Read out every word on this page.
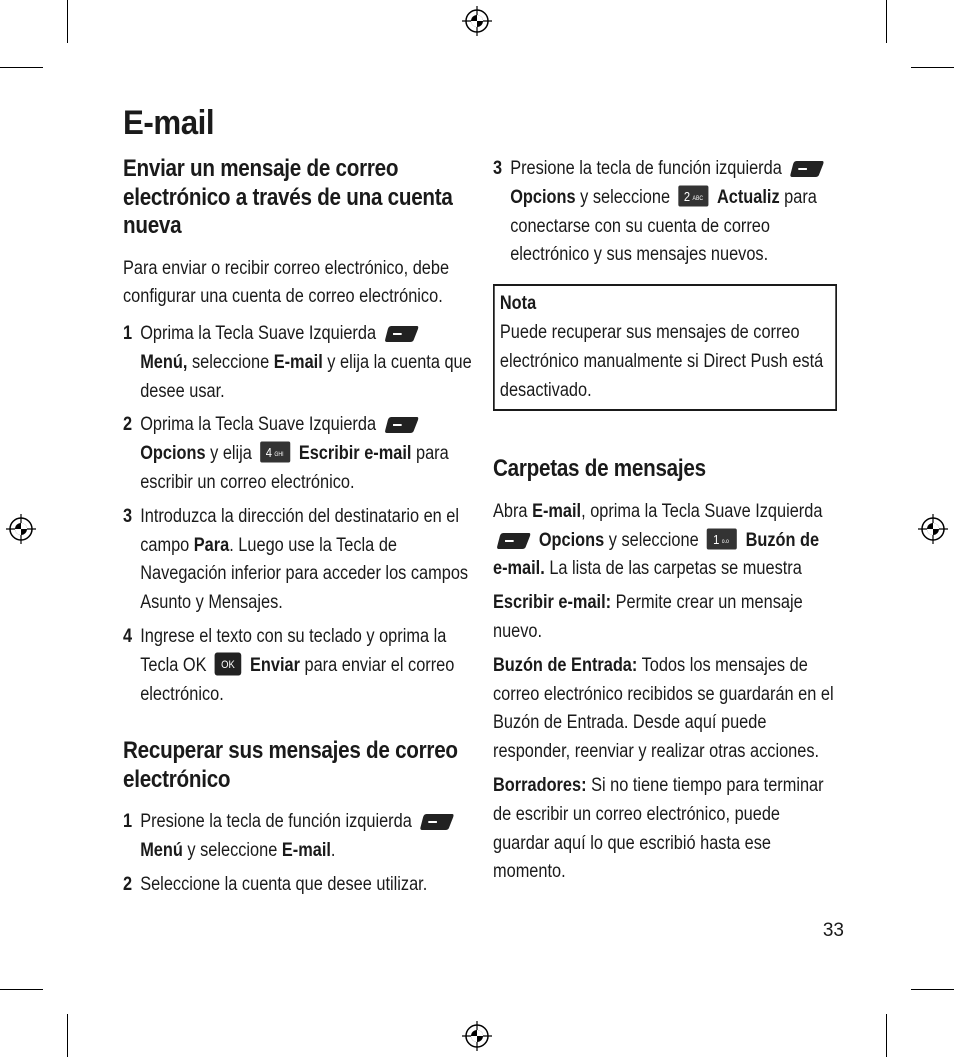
E-mail
Enviar un mensaje de correo electrónico a través de una cuenta nueva

Para enviar o recibir correo electrónico, debe configurar una cuenta de correo electrónico.

1 Oprima la Tecla Suave Izquierda  Menú, seleccione E-mail y elija la cuenta que desee usar.
2 Oprima la Tecla Suave Izquierda  Opcions y elija 4 GHI Escribir e-mail para escribir un correo electrónico.
3 Introduzca la dirección del destinatario en el campo Para. Luego use la Tecla de Navegación inferior para acceder los campos Asunto y Mensajes.
4 Ingrese el texto con su teclado y oprima la Tecla OK OK Enviar para enviar el correo electrónico.
Recuperar sus mensajes de correo electrónico
1 Presione la tecla de función izquierda  Menú y seleccione E-mail.
2 Seleccione la cuenta que desee utilizar.
3 Presione la tecla de función izquierda  Opcions y seleccione 2 ABC Actualiz para conectarse con su cuenta de correo electrónico y sus mensajes nuevos.
Nota
Puede recuperar sus mensajes de correo electrónico manualmente si Direct Push está desactivado.
Carpetas de mensajes

Abra E-mail, oprima la Tecla Suave Izquierda  Opcions y seleccione 1 o.o Buzón de e-mail. La lista de las carpetas se muestra

Escribir e-mail: Permite crear un mensaje nuevo.

Buzón de Entrada: Todos los mensajes de correo electrónico recibidos se guardarán en el Buzón de Entrada. Desde aquí puede responder, reenviar y realizar otras acciones.

Borradores: Si no tiene tiempo para terminar de escribir un correo electrónico, puede guardar aquí lo que escribió hasta ese momento.

33
